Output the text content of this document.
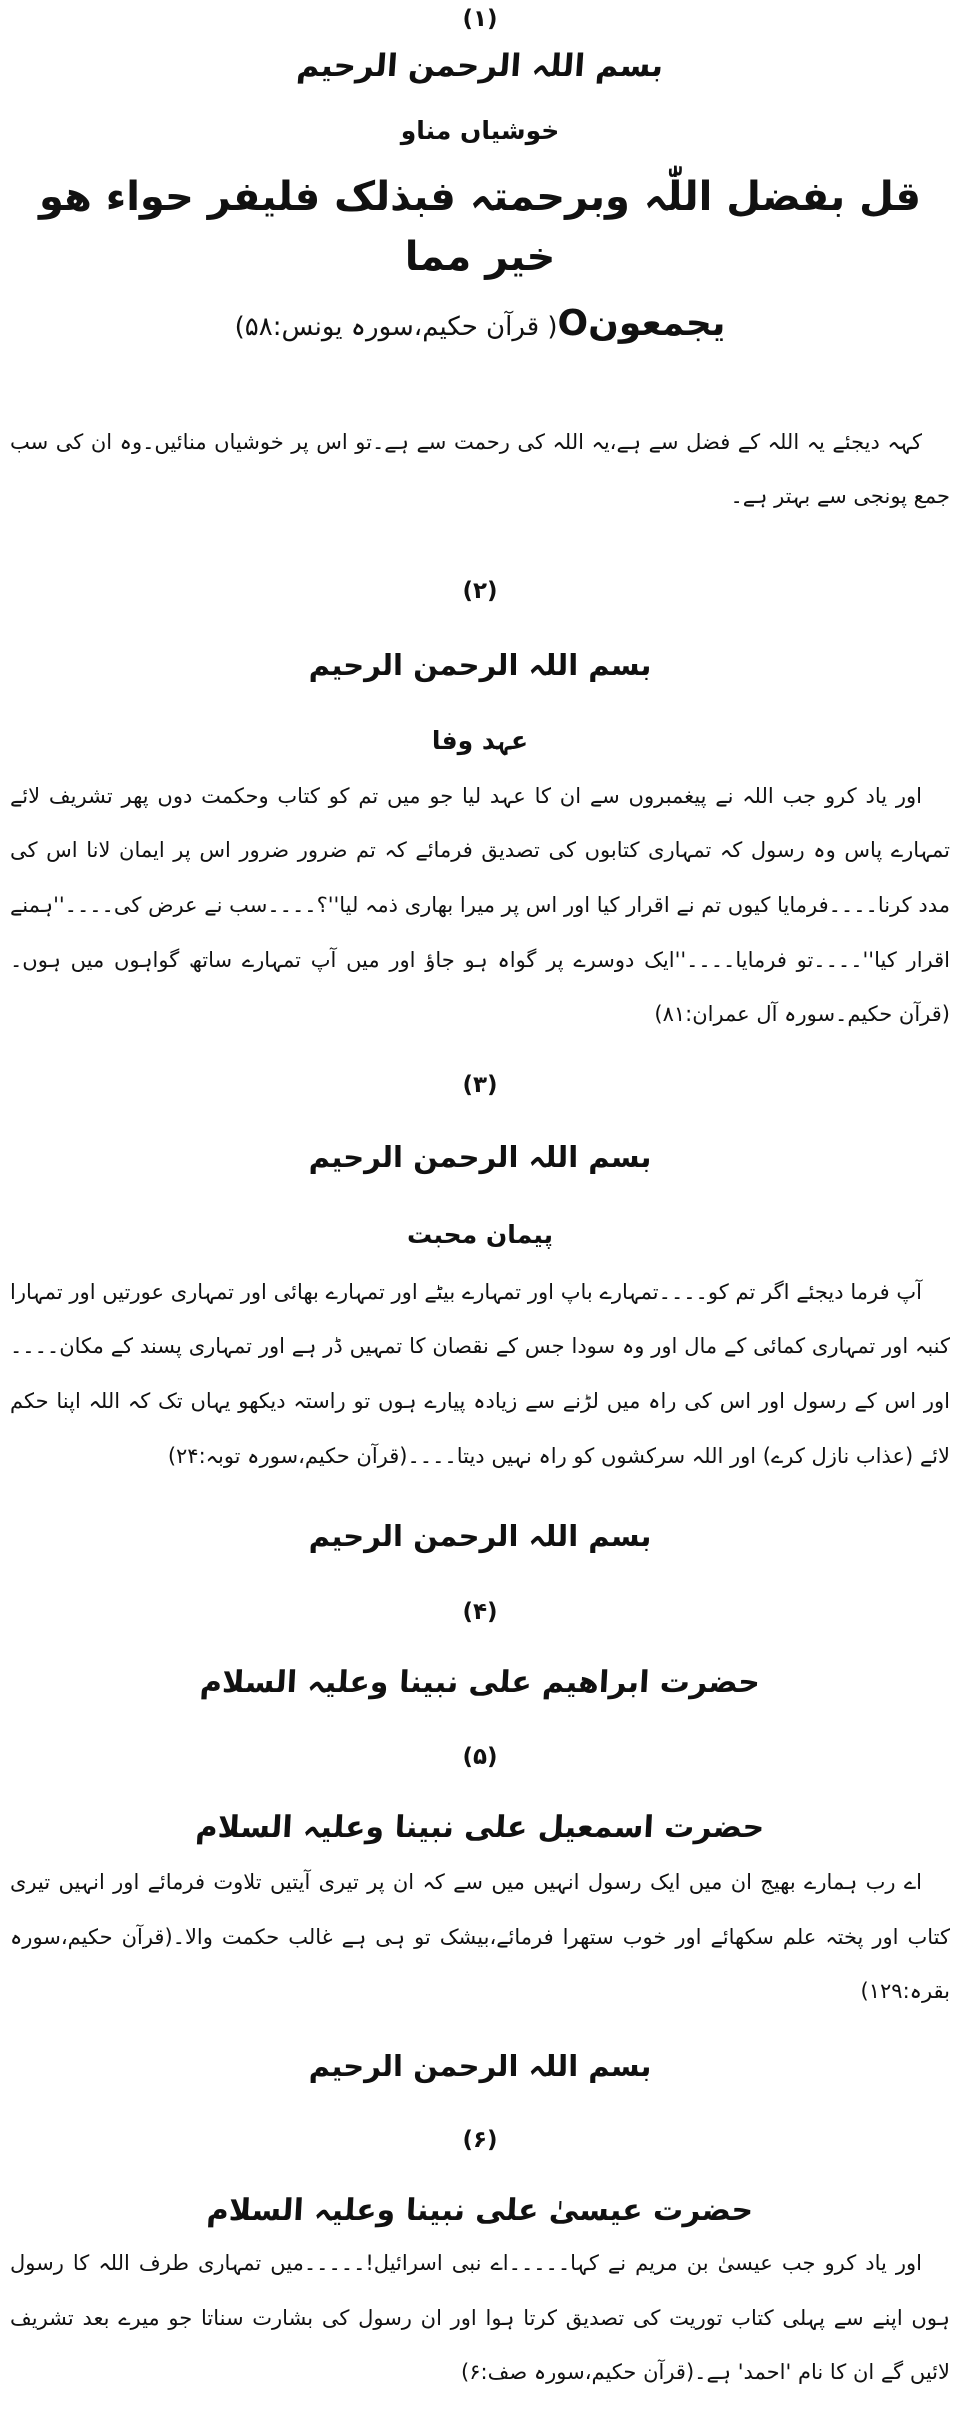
(۱)
بسم اللہ الرحمن الرحیم
خوشیاں مناو
قل بفضل اللّٰہ وبرحمتہ فبذلک فلیفر حواء ھو خیر مما
یجمعونO( قرآن حکیم،سورہ یونس:۵۸)

کہہ دیجئے یہ اللہ کے فضل سے ہے،یہ اللہ کی رحمت سے ہے۔تو اس پر خوشیاں منائیں۔وہ ان کی سب جمع پونجی سے بہتر ہے۔

(۲)
بسم اللہ الرحمن الرحیم
عہد وفا

اور یاد کرو جب اللہ نے پیغمبروں سے ان کا عہد لیا جو میں تم کو کتاب وحکمت دوں پھر تشریف لائے تمہارے پاس وہ رسول کہ تمہاری کتابوں کی تصدیق فرمائے کہ تم ضرور ضرور اس پر ایمان لانا اس کی مدد کرنا۔۔۔۔فرمایا کیوں تم نے اقرار کیا اور اس پر میرا بھاری ذمہ لیا''؟۔۔۔۔سب نے عرض کی۔۔۔۔''ہمنے اقرار کیا''۔۔۔۔تو فرمایا۔۔۔۔''ایک دوسرے پر گواہ ہو جاؤ اور میں آپ تمہارے ساتھ گواہوں میں ہوں۔(قرآن حکیم۔سورہ آل عمران:۸۱)

(۳)
بسم اللہ الرحمن الرحیم
پیمان محبت

آپ فرما دیجئے اگر تم کو۔۔۔۔تمہارے باپ اور تمہارے بیٹے اور تمہارے بھائی اور تمہاری عورتیں اور تمہارا کنبہ اور تمہاری کمائی کے مال اور وہ سودا جس کے نقصان کا تمہیں ڈر ہے اور تمہاری پسند کے مکان۔۔۔۔اور اس کے رسول اور اس کی راہ میں لڑنے سے زیادہ پیارے ہوں تو راستہ دیکھو یہاں تک کہ اللہ اپنا حکم لائے (عذاب نازل کرے) اور اللہ سرکشوں کو راہ نہیں دیتا۔۔۔۔(قرآن حکیم،سورہ توبہ:۲۴)

بسم اللہ الرحمن الرحیم
(۴)
حضرت ابراھیم علی نبینا وعلیہ السلام
(۵)
حضرت اسمعیل علی نبینا وعلیہ السلام

اے رب ہمارے بھیج ان میں ایک رسول انہیں میں سے کہ ان پر تیری آیتیں تلاوت فرمائے اور انہیں تیری کتاب اور پختہ علم سکھائے اور خوب ستھرا فرمائے،بیشک تو ہی ہے غالب حکمت والا۔(قرآن حکیم،سورہ بقرہ:۱۲۹)

بسم اللہ الرحمن الرحیم
(۶)
حضرت عیسیٰ علی نبینا وعلیہ السلام

اور یاد کرو جب عیسیٰ بن مریم نے کہا۔۔۔۔۔اے نبی اسرائیل!۔۔۔۔۔میں تمہاری طرف اللہ کا رسول ہوں اپنے سے پہلی کتاب توریت کی تصدیق کرتا ہوا اور ان رسول کی بشارت سناتا جو میرے بعد تشریف لائیں گے ان کا نام 'احمد' ہے۔(قرآن حکیم،سورہ صف:۶)
